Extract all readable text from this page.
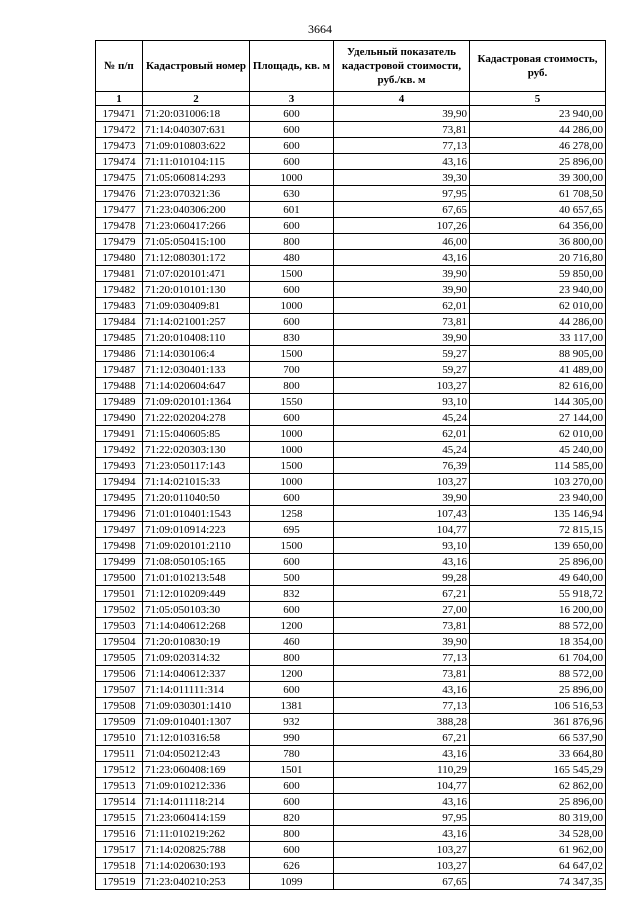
3664
№ п/п	Кадастровый номер	Площадь, кв. м	Удельный показатель кадастровой стоимости, руб./кв. м	Кадастровая стоимость, руб.
1	2	3	4	5
179471	71:20:031006:18	600	39,90	23 940,00
179472	71:14:040307:631	600	73,81	44 286,00
179473	71:09:010803:622	600	77,13	46 278,00
179474	71:11:010104:115	600	43,16	25 896,00
179475	71:05:060814:293	1000	39,30	39 300,00
179476	71:23:070321:36	630	97,95	61 708,50
179477	71:23:040306:200	601	67,65	40 657,65
179478	71:23:060417:266	600	107,26	64 356,00
179479	71:05:050415:100	800	46,00	36 800,00
179480	71:12:080301:172	480	43,16	20 716,80
179481	71:07:020101:471	1500	39,90	59 850,00
179482	71:20:010101:130	600	39,90	23 940,00
179483	71:09:030409:81	1000	62,01	62 010,00
179484	71:14:021001:257	600	73,81	44 286,00
179485	71:20:010408:110	830	39,90	33 117,00
179486	71:14:030106:4	1500	59,27	88 905,00
179487	71:12:030401:133	700	59,27	41 489,00
179488	71:14:020604:647	800	103,27	82 616,00
179489	71:09:020101:1364	1550	93,10	144 305,00
179490	71:22:020204:278	600	45,24	27 144,00
179491	71:15:040605:85	1000	62,01	62 010,00
179492	71:22:020303:130	1000	45,24	45 240,00
179493	71:23:050117:143	1500	76,39	114 585,00
179494	71:14:021015:33	1000	103,27	103 270,00
179495	71:20:011040:50	600	39,90	23 940,00
179496	71:01:010401:1543	1258	107,43	135 146,94
179497	71:09:010914:223	695	104,77	72 815,15
179498	71:09:020101:2110	1500	93,10	139 650,00
179499	71:08:050105:165	600	43,16	25 896,00
179500	71:01:010213:548	500	99,28	49 640,00
179501	71:12:010209:449	832	67,21	55 918,72
179502	71:05:050103:30	600	27,00	16 200,00
179503	71:14:040612:268	1200	73,81	88 572,00
179504	71:20:010830:19	460	39,90	18 354,00
179505	71:09:020314:32	800	77,13	61 704,00
179506	71:14:040612:337	1200	73,81	88 572,00
179507	71:14:011111:314	600	43,16	25 896,00
179508	71:09:030301:1410	1381	77,13	106 516,53
179509	71:09:010401:1307	932	388,28	361 876,96
179510	71:12:010316:58	990	67,21	66 537,90
179511	71:04:050212:43	780	43,16	33 664,80
179512	71:23:060408:169	1501	110,29	165 545,29
179513	71:09:010212:336	600	104,77	62 862,00
179514	71:14:011118:214	600	43,16	25 896,00
179515	71:23:060414:159	820	97,95	80 319,00
179516	71:11:010219:262	800	43,16	34 528,00
179517	71:14:020825:788	600	103,27	61 962,00
179518	71:14:020630:193	626	103,27	64 647,02
179519	71:23:040210:253	1099	67,65	74 347,35
